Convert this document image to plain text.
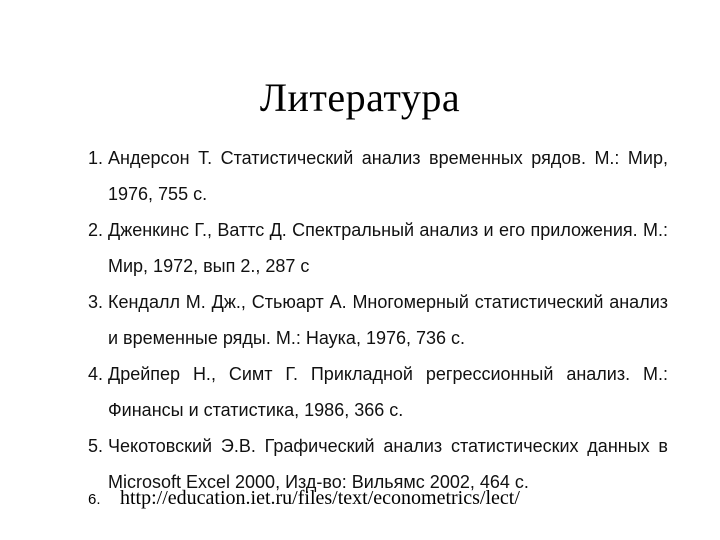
Литература
1. Андерсон Т. Статистический анализ временных рядов. М.: Мир, 1976, 755 с.
2. Дженкинс Г., Ваттс Д. Спектральный анализ и его приложения. М.: Мир, 1972, вып 2., 287 с
3. Кендалл М. Дж., Стьюарт А. Многомерный статистический анализ и временные ряды. М.: Наука, 1976, 736 с.
4. Дрейпер Н., Симт Г. Прикладной регрессионный анализ. М.: Финансы и статистика, 1986, 366 с.
5. Чекотовский Э.В. Графический анализ статистических данных в Microsoft Excel 2000, Изд-во: Вильямс 2002, 464 с.
6. http://education.iet.ru/files/text/econometrics/lect/
